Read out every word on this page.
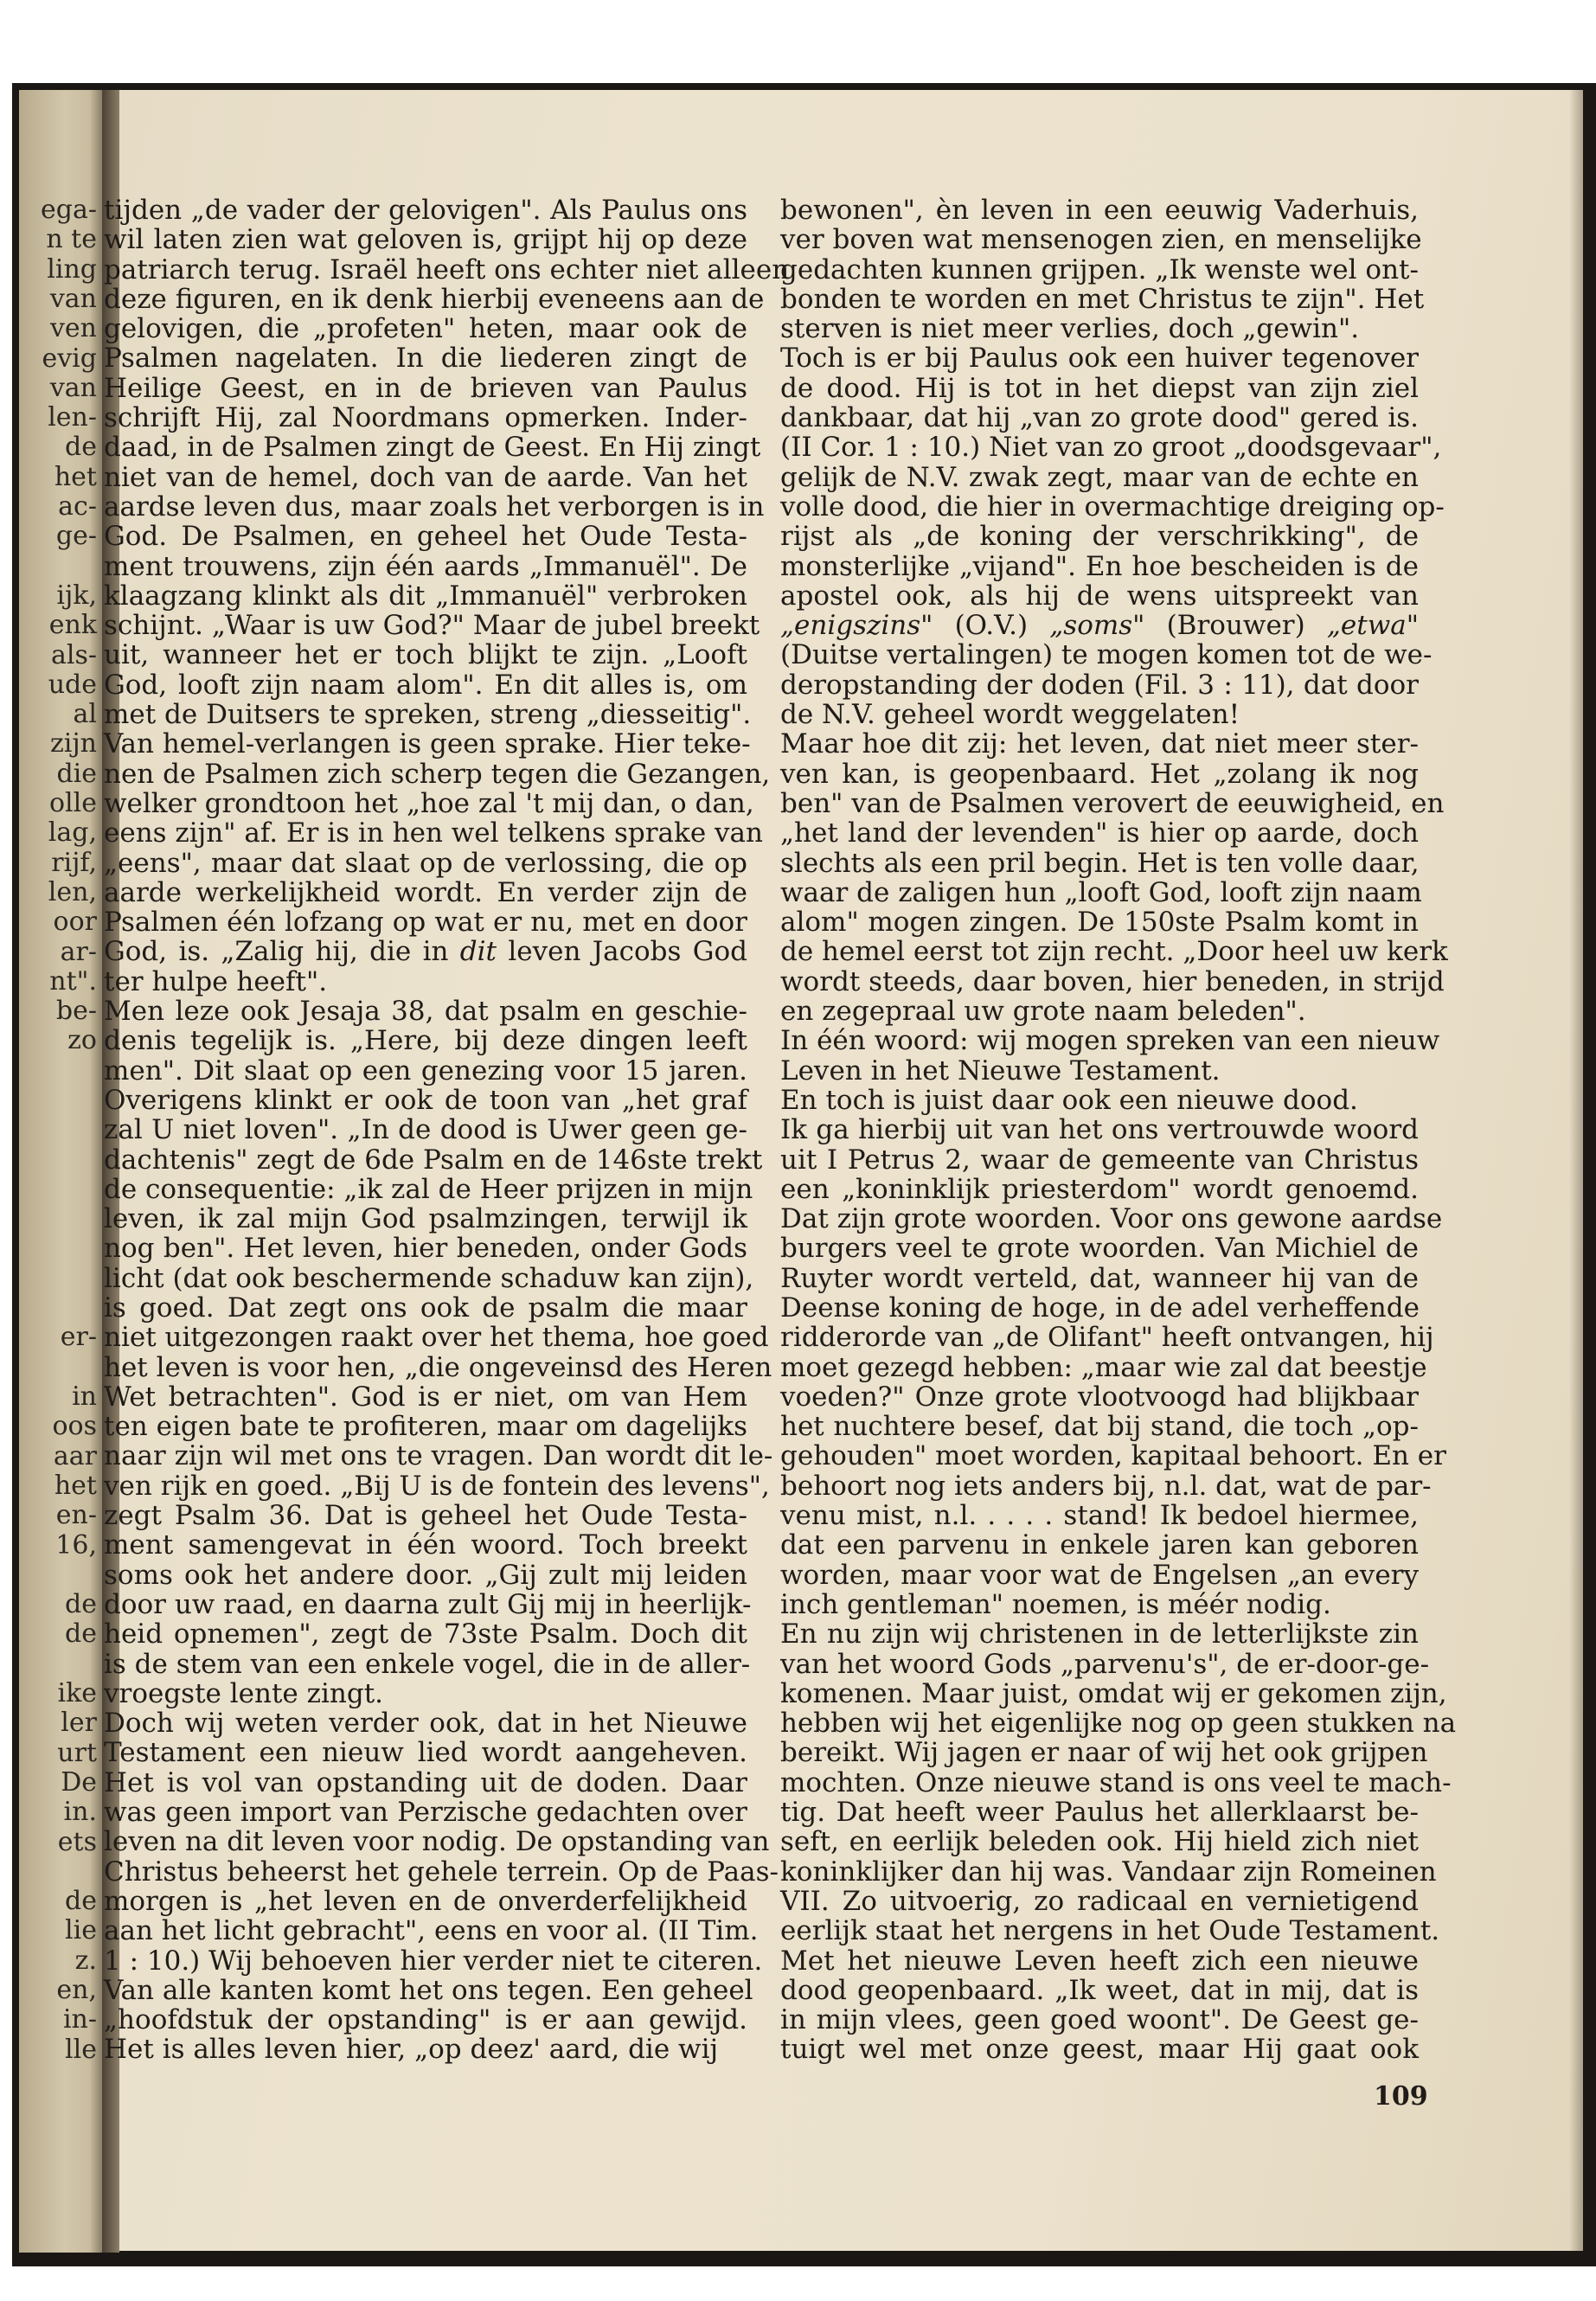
ega-
n te
ling
van
ven
evig
van
len-
de
het
ac-
ge-
ijk,
enk
als-
ude
al
zijn
die
olle
lag,
rijf,
len,
oor
ar-
nt".
be-
zo
er-
in
oos
aar
het
en-
16,
de
de
ike
ler
urt
De
in.
ets
de
lie
z.
en,
in-
lle
tijden „de vader der gelovigen". Als Paulus ons
wil laten zien wat geloven is, grijpt hij op deze
patriarch terug. Israël heeft ons echter niet alleen
deze figuren, en ik denk hierbij eveneens aan de
gelovigen, die „profeten" heten, maar ook de
Psalmen nagelaten. In die liederen zingt de
Heilige Geest, en in de brieven van Paulus
schrijft Hij, zal Noordmans opmerken. Inder-
daad, in de Psalmen zingt de Geest. En Hij zingt
niet van de hemel, doch van de aarde. Van het
aardse leven dus, maar zoals het verborgen is in
God. De Psalmen, en geheel het Oude Testa-
ment trouwens, zijn één aards „Immanuël". De
klaagzang klinkt als dit „Immanuël" verbroken
schijnt. „Waar is uw God?" Maar de jubel breekt
uit, wanneer het er toch blijkt te zijn. „Looft
God, looft zijn naam alom". En dit alles is, om
met de Duitsers te spreken, streng „diesseitig".
Van hemel-verlangen is geen sprake. Hier teke-
nen de Psalmen zich scherp tegen die Gezangen,
welker grondtoon het „hoe zal 't mij dan, o dan,
eens zijn" af. Er is in hen wel telkens sprake van
„eens", maar dat slaat op de verlossing, die op
aarde werkelijkheid wordt. En verder zijn de
Psalmen één lofzang op wat er nu, met en door
God, is. „Zalig hij, die in dit leven Jacobs God
ter hulpe heeft".
Men leze ook Jesaja 38, dat psalm en geschie-
denis tegelijk is. „Here, bij deze dingen leeft
men". Dit slaat op een genezing voor 15 jaren.
Overigens klinkt er ook de toon van „het graf
zal U niet loven". „In de dood is Uwer geen ge-
dachtenis" zegt de 6de Psalm en de 146ste trekt
de consequentie: „ik zal de Heer prijzen in mijn
leven, ik zal mijn God psalmzingen, terwijl ik
nog ben". Het leven, hier beneden, onder Gods
licht (dat ook beschermende schaduw kan zijn),
is goed. Dat zegt ons ook de psalm die maar
niet uitgezongen raakt over het thema, hoe goed
het leven is voor hen, „die ongeveinsd des Heren
Wet betrachten". God is er niet, om van Hem
ten eigen bate te profiteren, maar om dagelijks
naar zijn wil met ons te vragen. Dan wordt dit le-
ven rijk en goed. „Bij U is de fontein des levens",
zegt Psalm 36. Dat is geheel het Oude Testa-
ment samengevat in één woord. Toch breekt
soms ook het andere door. „Gij zult mij leiden
door uw raad, en daarna zult Gij mij in heerlijk-
heid opnemen", zegt de 73ste Psalm. Doch dit
is de stem van een enkele vogel, die in de aller-
vroegste lente zingt.
Doch wij weten verder ook, dat in het Nieuwe
Testament een nieuw lied wordt aangeheven.
Het is vol van opstanding uit de doden. Daar
was geen import van Perzische gedachten over
leven na dit leven voor nodig. De opstanding van
Christus beheerst het gehele terrein. Op de Paas-
morgen is „het leven en de onverderfelijkheid
aan het licht gebracht", eens en voor al. (II Tim.
1 : 10.) Wij behoeven hier verder niet te citeren.
Van alle kanten komt het ons tegen. Een geheel
„hoofdstuk der opstanding" is er aan gewijd.
Het is alles leven hier, „op deez' aard, die wij
bewonen", èn leven in een eeuwig Vaderhuis,
ver boven wat mensenogen zien, en menselijke
gedachten kunnen grijpen. „Ik wenste wel ont-
bonden te worden en met Christus te zijn". Het
sterven is niet meer verlies, doch „gewin".
Toch is er bij Paulus ook een huiver tegenover
de dood. Hij is tot in het diepst van zijn ziel
dankbaar, dat hij „van zo grote dood" gered is.
(II Cor. 1 : 10.) Niet van zo groot „doodsgevaar",
gelijk de N.V. zwak zegt, maar van de echte en
volle dood, die hier in overmachtige dreiging op-
rijst als „de koning der verschrikking", de
monsterlijke „vijand". En hoe bescheiden is de
apostel ook, als hij de wens uitspreekt van
„enigszins" (O.V.) „soms" (Brouwer) „etwa"
(Duitse vertalingen) te mogen komen tot de we-
deropstanding der doden (Fil. 3 : 11), dat door
de N.V. geheel wordt weggelaten!
Maar hoe dit zij: het leven, dat niet meer ster-
ven kan, is geopenbaard. Het „zolang ik nog
ben" van de Psalmen verovert de eeuwigheid, en
„het land der levenden" is hier op aarde, doch
slechts als een pril begin. Het is ten volle daar,
waar de zaligen hun „looft God, looft zijn naam
alom" mogen zingen. De 150ste Psalm komt in
de hemel eerst tot zijn recht. „Door heel uw kerk
wordt steeds, daar boven, hier beneden, in strijd
en zegepraal uw grote naam beleden".
In één woord: wij mogen spreken van een nieuw
Leven in het Nieuwe Testament.
En toch is juist daar ook een nieuwe dood.
Ik ga hierbij uit van het ons vertrouwde woord
uit I Petrus 2, waar de gemeente van Christus
een „koninklijk priesterdom" wordt genoemd.
Dat zijn grote woorden. Voor ons gewone aardse
burgers veel te grote woorden. Van Michiel de
Ruyter wordt verteld, dat, wanneer hij van de
Deense koning de hoge, in de adel verheffende
ridderorde van „de Olifant" heeft ontvangen, hij
moet gezegd hebben: „maar wie zal dat beestje
voeden?" Onze grote vlootvoogd had blijkbaar
het nuchtere besef, dat bij stand, die toch „op-
gehouden" moet worden, kapitaal behoort. En er
behoort nog iets anders bij, n.l. dat, wat de par-
venu mist, n.l. . . . . stand! Ik bedoel hiermee,
dat een parvenu in enkele jaren kan geboren
worden, maar voor wat de Engelsen „an every
inch gentleman" noemen, is méér nodig.
En nu zijn wij christenen in de letterlijkste zin
van het woord Gods „parvenu's", de er-door-ge-
komenen. Maar juist, omdat wij er gekomen zijn,
hebben wij het eigenlijke nog op geen stukken na
bereikt. Wij jagen er naar of wij het ook grijpen
mochten. Onze nieuwe stand is ons veel te mach-
tig. Dat heeft weer Paulus het allerklaarst be-
seft, en eerlijk beleden ook. Hij hield zich niet
koninklijker dan hij was. Vandaar zijn Romeinen
VII. Zo uitvoerig, zo radicaal en vernietigend
eerlijk staat het nergens in het Oude Testament.
Met het nieuwe Leven heeft zich een nieuwe
dood geopenbaard. „Ik weet, dat in mij, dat is
in mijn vlees, geen goed woont". De Geest ge-
tuigt wel met onze geest, maar Hij gaat ook
109
